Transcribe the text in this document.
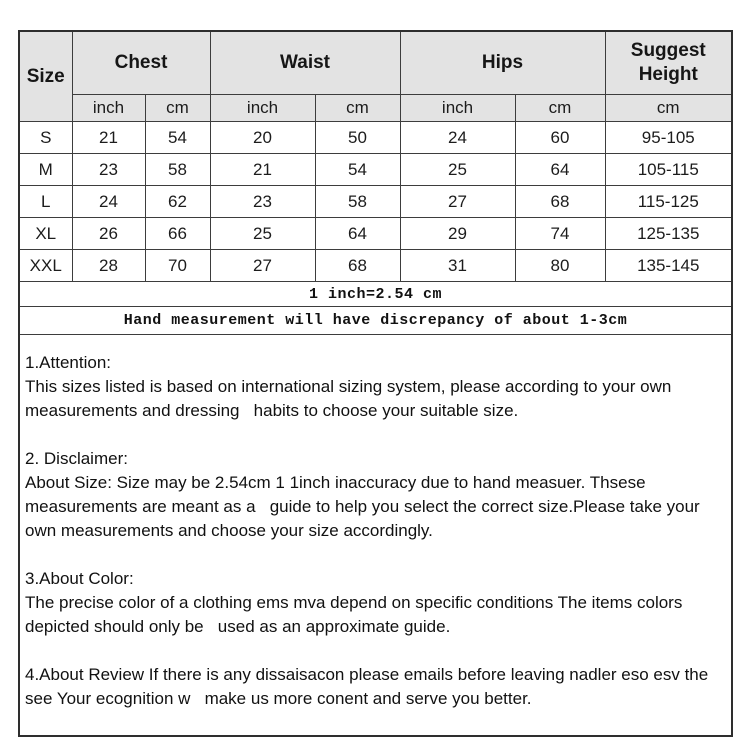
Size	Chest		Waist		Hips		Suggest Height
	inch	cm	inch	cm	inch	cm	cm
S	21	54	20	50	24	60	95-105
M	23	58	21	54	25	64	105-115
L	24	62	23	58	27	68	115-125
XL	26	66	25	64	29	74	125-135
XXL	28	70	27	68	31	80	135-145
1 inch=2.54 cm							
Hand measurement will have discrepancy of about 1-3cm							

1.Attention:
This sizes listed is based on international sizing system, please according to your own measurements and dressing   habits to choose your suitable size.
2. Disclaimer:
About Size: Size may be 2.54cm 1 1inch inaccuracy due to hand measuer. Thsese measurements are meant as a   guide to help you select the correct size.Please take your own measurements and choose your size accordingly.
3.About Color:
The precise color of a clothing ems mva depend on specific conditions The items colors depicted should only be   used as an approximate guide.
4.About Review If there is any dissaisacon please emails before leaving nadler eso esv the see Your ecognition w   make us more conent and serve you better.
